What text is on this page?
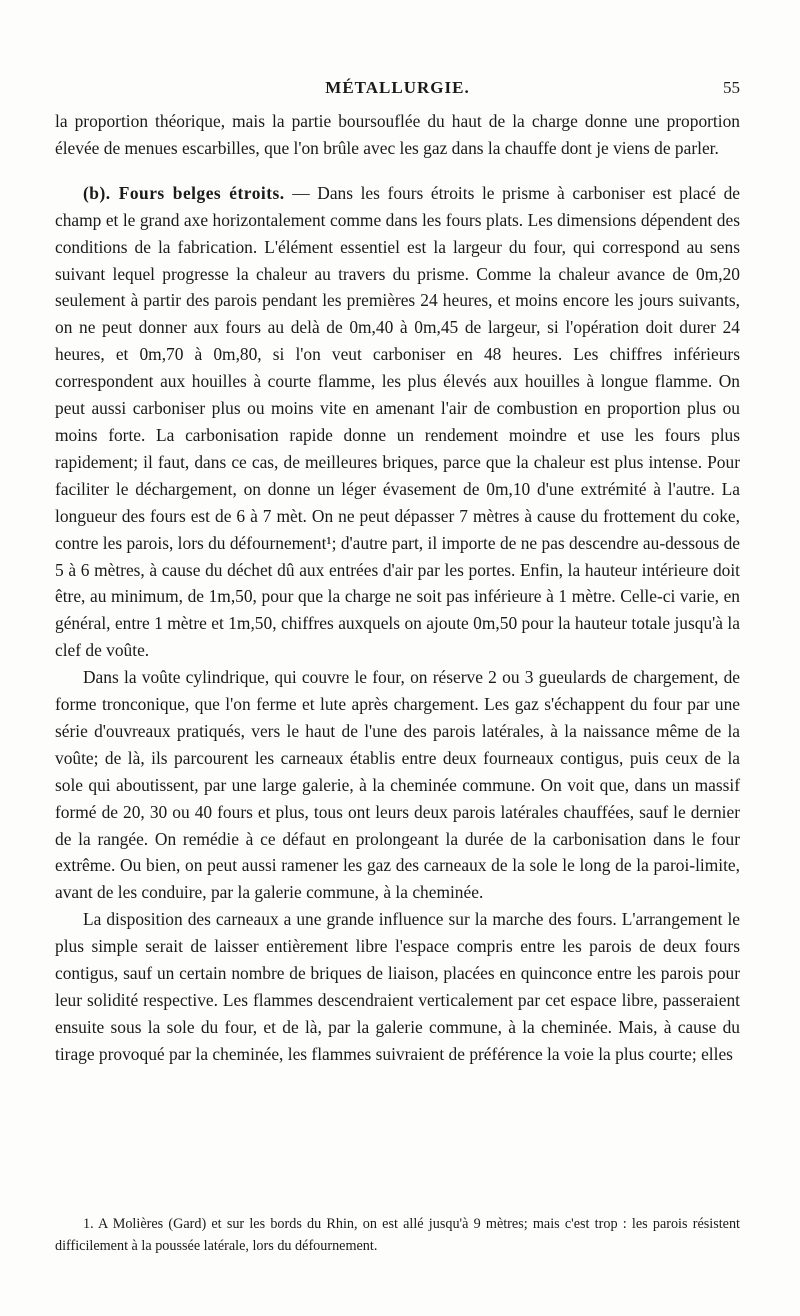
MÉTALLURGIE.	55

la proportion théorique, mais la partie boursouflée du haut de la charge donne une proportion élevée de menues escarbilles, que l'on brûle avec les gaz dans la chauffe dont je viens de parler.

(b). Fours belges étroits. — Dans les fours étroits le prisme à carboniser est placé de champ et le grand axe horizontalement comme dans les fours plats. Les dimensions dépendent des conditions de la fabrication. L'élément essentiel est la largeur du four, qui correspond au sens suivant lequel progresse la chaleur au travers du prisme. Comme la chaleur avance de 0m,20 seulement à partir des parois pendant les premières 24 heures, et moins encore les jours suivants, on ne peut donner aux fours au delà de 0m,40 à 0m,45 de largeur, si l'opération doit durer 24 heures, et 0m,70 à 0m,80, si l'on veut carboniser en 48 heures. Les chiffres inférieurs correspondent aux houilles à courte flamme, les plus élevés aux houilles à longue flamme. On peut aussi carboniser plus ou moins vite en amenant l'air de combustion en proportion plus ou moins forte. La carbonisation rapide donne un rendement moindre et use les fours plus rapidement; il faut, dans ce cas, de meilleures briques, parce que la chaleur est plus intense. Pour faciliter le déchargement, on donne un léger évasement de 0m,10 d'une extrémité à l'autre. La longueur des fours est de 6 à 7 mèt. On ne peut dépasser 7 mètres à cause du frottement du coke, contre les parois, lors du défournement¹; d'autre part, il importe de ne pas descendre au-dessous de 5 à 6 mètres, à cause du déchet dû aux entrées d'air par les portes. Enfin, la hauteur intérieure doit être, au minimum, de 1m,50, pour que la charge ne soit pas inférieure à 1 mètre. Celle-ci varie, en général, entre 1 mètre et 1m,50, chiffres auxquels on ajoute 0m,50 pour la hauteur totale jusqu'à la clef de voûte.

Dans la voûte cylindrique, qui couvre le four, on réserve 2 ou 3 gueulards de chargement, de forme tronconique, que l'on ferme et lute après chargement. Les gaz s'échappent du four par une série d'ouvreaux pratiqués, vers le haut de l'une des parois latérales, à la naissance même de la voûte; de là, ils parcourent les carneaux établis entre deux fourneaux contigus, puis ceux de la sole qui aboutissent, par une large galerie, à la cheminée commune. On voit que, dans un massif formé de 20, 30 ou 40 fours et plus, tous ont leurs deux parois latérales chauffées, sauf le dernier de la rangée. On remédie à ce défaut en prolongeant la durée de la carbonisation dans le four extrême. Ou bien, on peut aussi ramener les gaz des carneaux de la sole le long de la paroi-limite, avant de les conduire, par la galerie commune, à la cheminée.

La disposition des carneaux a une grande influence sur la marche des fours. L'arrangement le plus simple serait de laisser entièrement libre l'espace compris entre les parois de deux fours contigus, sauf un certain nombre de briques de liaison, placées en quinconce entre les parois pour leur solidité respective. Les flammes descendraient verticalement par cet espace libre, passeraient ensuite sous la sole du four, et de là, par la galerie commune, à la cheminée. Mais, à cause du tirage provoqué par la cheminée, les flammes suivraient de préférence la voie la plus courte; elles

1. A Molières (Gard) et sur les bords du Rhin, on est allé jusqu'à 9 mètres; mais c'est trop : les parois résistent difficilement à la poussée latérale, lors du défournement.
